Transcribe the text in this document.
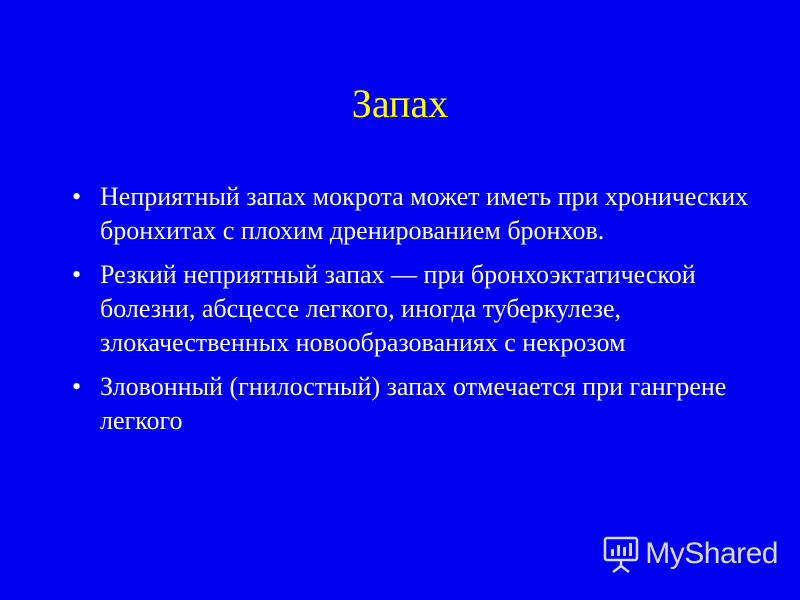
Запах
• Неприятный запах мокрота может иметь при хронических бронхитах с плохим дренированием бронхов.
• Резкий неприятный запах — при бронхоэктатической болезни, абсцессе легкого, иногда туберкулезе, злокачественных новообразованиях с некрозом
• Зловонный (гнилостный) запах отмечается при гангрене легкого
MyShared
